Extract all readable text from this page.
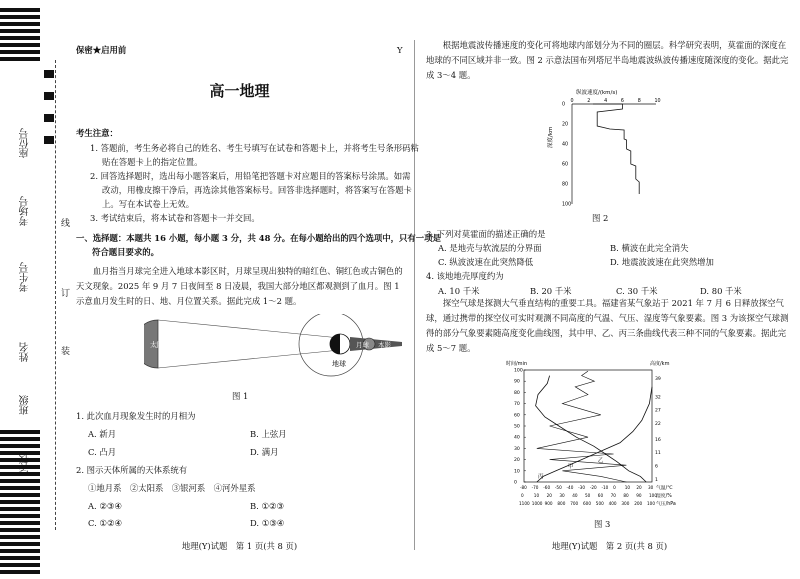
座位号
考场号
考生号
姓名
班级
学校
线
订
装
保密★启用前	Y
高一地理
考生注意：
1. 答题前，考生务必将自己的姓名、考生号填写在试卷和答题卡上，并将考生号条形码粘
贴在答题卡上的指定位置。
2. 回答选择题时，选出每小题答案后，用铅笔把答题卡对应题目的答案标号涂黑。如需
改动，用橡皮擦干净后，再选涂其他答案标号。回答非选择题时，将答案写在答题卡
上。写在本试卷上无效。
3. 考试结束后，将本试卷和答题卡一并交回。
一、选择题：本题共 16 小题，每小题 3 分，共 48 分。在每小题给出的四个选项中，只有一项是
符合题目要求的。
血月指当月球完全进入地球本影区时，月球呈现出独特的暗红色、铜红色或古铜色的天文现象。2025 年 9 月 7 日夜间至 8 日凌晨，我国大部分地区都观测到了血月。图 1 示意血月发生时的日、地、月位置关系。据此完成 1～2 题。
太阳
地球
月球 本影
图 1
1. 此次血月现象发生时的月相为
A. 新月	B. 上弦月
C. 凸月	D. 满月
2. 图示天体所属的天体系统有
①地月系　②太阳系　③银河系　④河外星系
A. ②③④	B. ①②③
C. ①②④	D. ①③④
地理(Y)试题　第 1 页(共 8 页)
根据地震波传播速度的变化可将地球内部划分为不同的圈层。科学研究表明，莫霍面的深度在地球的不同区域并非一致。图 2 示意法国布列塔尼半岛地震波纵波传播速度随深度的变化。据此完成 3～4 题。
纵波速度/(km/s)
0	2	4	6	8	10
0
20
40
60
80
100
深度/km
图 2
3. 下列对莫霍面的描述正确的是
A. 是地壳与软流层的分界面	B. 横波在此完全消失
C. 纵波波速在此突然降低	D. 地震波波速在此突然增加
4. 该地地壳厚度约为
A. 10 千米	B. 20 千米	C. 30 千米	D. 80 千米
探空气球是探测大气垂直结构的重要工具。福建省某气象站于 2021 年 7 月 6 日释放探空气球，通过携带的探空仪可实时观测不同高度的气温、气压、湿度等气象要素。图 3 为该探空气球测得的部分气象要素随高度变化曲线图，其中甲、乙、丙三条曲线代表三种不同的气象要素。据此完成 5～7 题。
时间/min	高度/km
0
10
20
30
40
50
60
70
80
90
100
1
6
11
16
22
27
32
39
-80 -70 -60 -50 -40 -30 -20 -10 0 10 20 30
0 10 20 30 40 50 60 70 80 90 100
100
200
300
400
500
600
700
800
900
1000
1100
甲
乙
丙
气温/℃
湿度/%
气压/hPa
图 3
地理(Y)试题　第 2 页(共 8 页)
